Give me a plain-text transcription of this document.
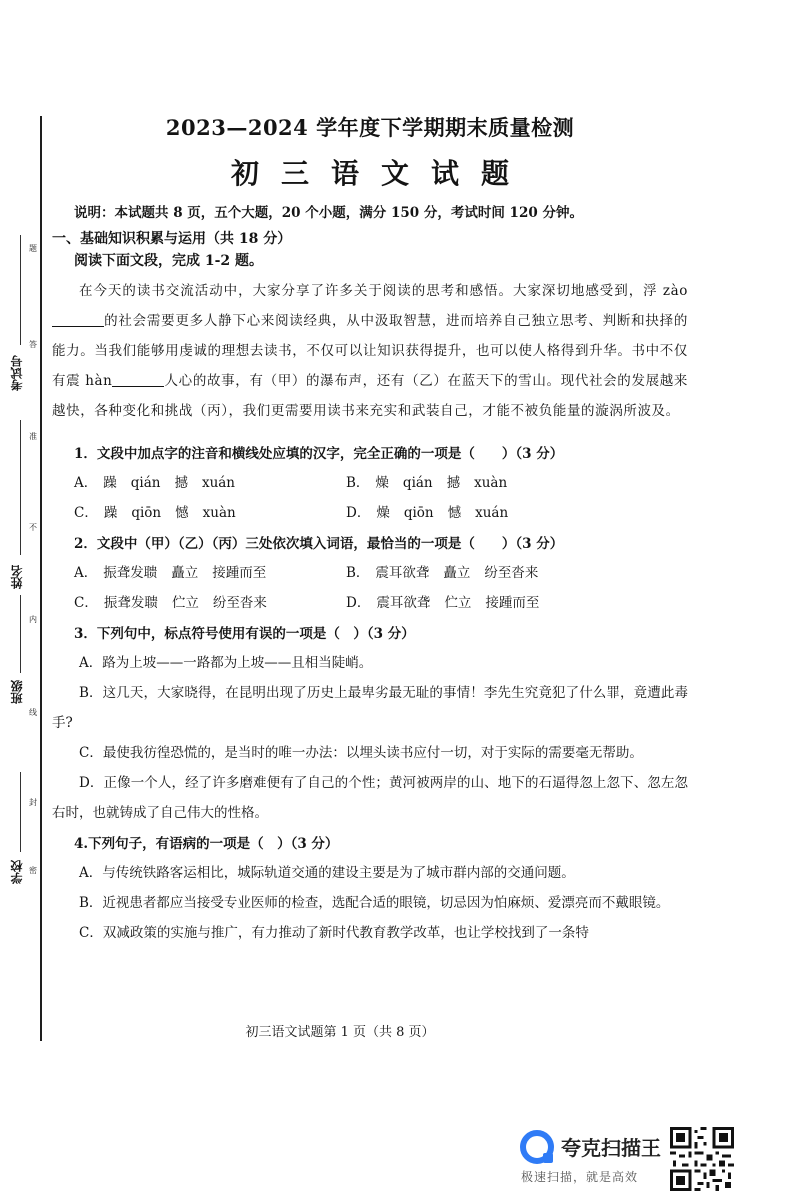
考试号
姓名
班级
学校
题
答
准
不
内
线
封
密
2023—2024 学年度下学期期末质量检测
初三语文试题
说明：本试题共 8 页，五个大题，20 个小题，满分 150 分，考试时间 120 分钟。
一、基础知识积累与运用（共 18 分）
阅读下面文段，完成 1-2 题。

在今天的读书交流活动中，大家分享了许多关于阅读的思考和感悟。大家深切地感受到，浮 zào的社会需要更多人静下心来阅读经典，从中汲取智慧，进而培养自己独立思考、判断和抉择的能力。当我们能够用虔诚的理想去读书，不仅可以让知识获得提升，也可以使人格得到升华。书中不仅有震 hàn	人心的故事，有（甲）的瀑布声，还有（乙）在蓝天下的雪山。现代社会的发展越来越快，各种变化和挑战（丙），我们更需要用读书来充实和武装自己，才能不被负能量的漩涡所波及。

1．文段中加点字的注音和横线处应填的汉字，完全正确的一项是（　　）（3 分）
A． 躁 qián 撼 xuán	B． 燥 qián 撼 xuàn
C． 躁 qiōn 憾 xuàn	D． 燥 qiōn 憾 xuán
2．文段中（甲）（乙）（丙）三处依次填入词语，最恰当的一项是（　　）（3 分）
A． 振聋发聩 矗立 接踵而至	B． 震耳欲聋 矗立 纷至沓来
C． 振聋发聩 伫立 纷至沓来	D． 震耳欲聋 伫立 接踵而至
3．下列句中，标点符号使用有误的一项是（　）（3 分）

A．路为上坡——一路都为上坡——且相当陡峭。

B．这几天，大家晓得，在昆明出现了历史上最卑劣最无耻的事情！李先生究竟犯了什么罪，竟遭此毒手?

C．最使我彷徨恐慌的，是当时的唯一办法：以埋头读书应付一切，对于实际的需要毫无帮助。

D．正像一个人，经了许多磨难便有了自己的个性；黄河被两岸的山、地下的石逼得忽上忽下、忽左忽右时，也就铸成了自己伟大的性格。

4.下列句子，有语病的一项是（　）（3 分）

A．与传统铁路客运相比，城际轨道交通的建设主要是为了城市群内部的交通问题。

B．近视患者都应当接受专业医师的检查，选配合适的眼镜，切忌因为怕麻烦、爱漂亮而不戴眼镜。

C．双减政策的实施与推广，有力推动了新时代教育教学改革，也让学校找到了一条特

初三语文试题第 1 页（共 8 页）
夸克扫描王
极速扫描，就是高效
